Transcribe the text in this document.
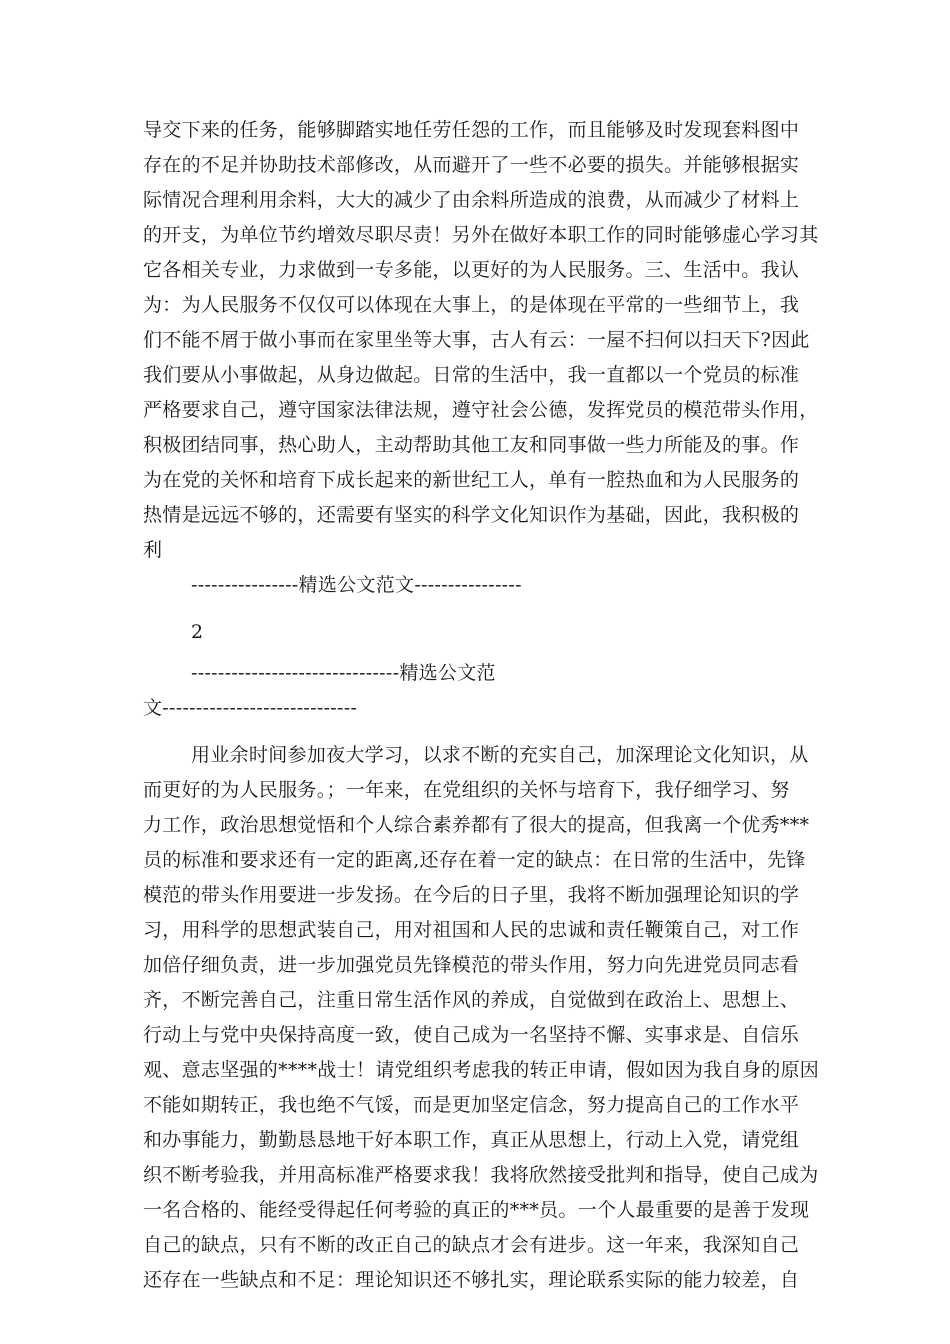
导交下来的任务，能够脚踏实地任劳任怨的工作，而且能够及时发现套料图中
存在的不足并协助技术部修改，从而避开了一些不必要的损失。并能够根据实
际情况合理利用余料，大大的减少了由余料所造成的浪费，从而减少了材料上
的开支，为单位节约增效尽职尽责！另外在做好本职工作的同时能够虚心学习其
它各相关专业，力求做到一专多能，以更好的为人民服务。三、生活中。我认
为：为人民服务不仅仅可以体现在大事上，的是体现在平常的一些细节上，我
们不能不屑于做小事而在家里坐等大事，古人有云：一屋不扫何以扫天下?因此
我们要从小事做起，从身边做起。日常的生活中，我一直都以一个党员的标准
严格要求自己，遵守国家法律法规，遵守社会公德，发挥党员的模范带头作用，
积极团结同事，热心助人，主动帮助其他工友和同事做一些力所能及的事。作
为在党的关怀和培育下成长起来的新世纪工人，单有一腔热血和为人民服务的
热情是远远不够的，还需要有坚实的科学文化知识作为基础，因此，我积极的
利
----------------精选公文范文----------------
2
-------------------------------精选公文范
文-----------------------------
用业余时间参加夜大学习，以求不断的充实自己，加深理论文化知识，从
而更好的为人民服务。；一年来，在党组织的关怀与培育下，我仔细学习、努
力工作，政治思想觉悟和个人综合素养都有了很大的提高，但我离一个优秀***
员的标准和要求还有一定的距离,还存在着一定的缺点：在日常的生活中，先锋
模范的带头作用要进一步发扬。在今后的日子里，我将不断加强理论知识的学
习，用科学的思想武装自己，用对祖国和人民的忠诚和责任鞭策自己，对工作
加倍仔细负责，进一步加强党员先锋模范的带头作用，努力向先进党员同志看
齐，不断完善自己，注重日常生活作风的养成，自觉做到在政治上、思想上、
行动上与党中央保持高度一致，使自己成为一名坚持不懈、实事求是、自信乐
观、意志坚强的****战士！请党组织考虑我的转正申请，假如因为我自身的原因
不能如期转正，我也绝不气馁，而是更加坚定信念，努力提高自己的工作水平
和办事能力，勤勤恳恳地干好本职工作，真正从思想上，行动上入党，请党组
织不断考验我，并用高标准严格要求我！我将欣然接受批判和指导，使自己成为
一名合格的、能经受得起任何考验的真正的***员。一个人最重要的是善于发现
自己的缺点，只有不断的改正自己的缺点才会有进步。这一年来，我深知自己
还存在一些缺点和不足：理论知识还不够扎实，理论联系实际的能力较差，自
